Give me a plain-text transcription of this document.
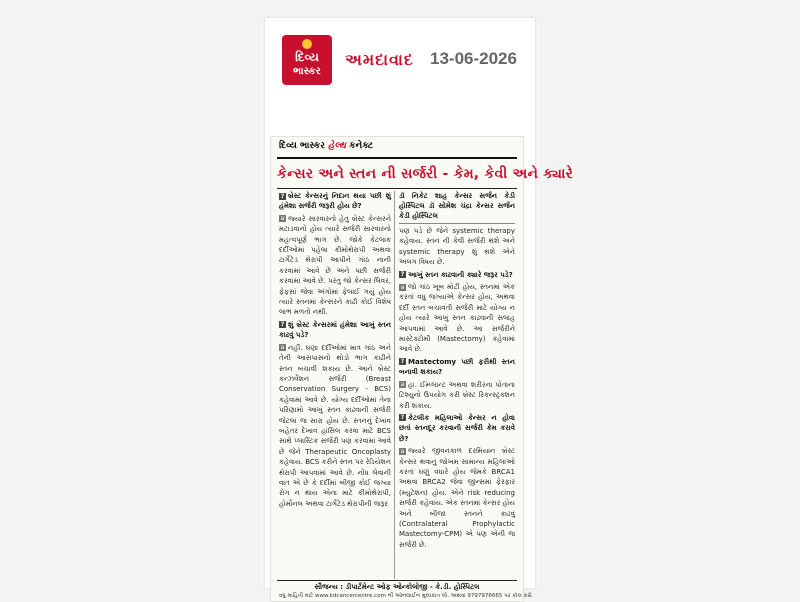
દિવ્ય
ભાસ્કર
અમદાવાદ 13-06-2026
દિવ્ય ભાસ્કર હેલ્થ કનેક્ટ
કેન્સર અને સ્તન ની સર્જરી - કેમ, કેવી અને ક્યારે
? બ્રેસ્ટ કેન્સરનું નિદાન થયા પછી શું હંમેશા સર્જરી જરૂરી હોય છે?
a જ્યારે સારવારનો હેતુ બ્રેસ્ટ કેન્સરને મટાડવાનો હોય ત્યારે સર્જરી સારવારનો મહત્વપૂર્ણ ભાગ છે. જોકે કેટલાક દર્દીઓમાં પહેલા કીમોથેરાપી અથવા ટાર્ગેટેડ થેરાપી આપીને ગાંઠ નાની કરવામાં આવે છે અને પછી સર્જરી કરવામાં આવે છે. પરંતુ જો કેન્સર લિવર, ફેફસાં જેવા અંગોમાં ફેલાઈ ગયું હોય ત્યારે સ્તનમાં કેન્સરને કાઢી કોઈ વિશેષ લાભ મળતો નથી.
? શું બ્રેસ્ટ કેન્સરમાં હંમેશા આખું સ્તન કાઢવું પડે?
a નહીં. ઘણા દર્દીઓમાં માત્ર ગાંઠ અને તેની આસપાસનો થોડો ભાગ કાઢીને સ્તન બચાવી શકાય છે. આને બ્રેસ્ટ કન્ઝર્વેશન સર્જરી (Breast Conservation Surgery - BCS) કહેવામાં આવે છે. યોગ્ય દર્દીઓમાં તેના પરિણામો આખું સ્તન કાઢવાની સર્જરી જેટલા જ સારા હોય છે. સ્તનનું દેખાવ બહેતર દેખાવ હાંસિલ કરવા માટે BCS સાથે પ્લાસ્ટિક સર્જરી પણ કરવામાં આવે છે જેને Therapeutic Oncoplasty કહેવાય. BCS કરીને સ્તન પર રેડિયેશન થેરાપી આપવામાં આવે છે. નોંધ લેવાની વાત એ છે કે દર્દીમાં બીજી કોઈ જગ્યા રોગ ન થાય એના માટે કીમોથેરાપી, હોર્મોનલ અથવા ટાર્ગેટેડ થેરાપીની જરૂર
ડૉ નિકેટ શાહ કેન્સર સર્જન કેડી હોસ્પિટલ ડૉ સોમેશ ચંદ્રા કેન્સર સર્જન કેડી હોસ્પિટલ
પણ પડે છે જેને systemic therapy કહેવાય. સ્તન ની કેવી સર્જરી થશે અને systemic therapy શું થશે એને અલગ વિષય છે.
? આખું સ્તન કાઢવાની ક્યારે જરૂર પડે?
a જો ગાંઠ ખૂબ મોટી હોય, સ્તનમાં એક કરતાં વધુ જગ્યાએ કેન્સર હોય, અથવા દર્દી સ્તન બચાવતી સર્જરી માટે યોગ્ય ન હોય ત્યારે આખું સ્તન કાઢવાની સલાહ આપવામાં આવે છે. આ સર્જરીને માસ્ટેક્ટોમી (Mastectomy) કહેવામાં આવે છે.
? Mastectomy પછી ફરીથી સ્તન બનાવી શકાય?
a હા. ઈમ્પ્લાન્ટ અથવા શરીરના પોતાના ટિશ્યુનો ઉપયોગ કરી બ્રેસ્ટ રિકન્સ્ટ્રક્શન કરી શકાય.
? કેટલીક મહિલાઓ કેન્સર ન હોવા છતાં સ્તનદૂર કરવાની સર્જરી કેમ કરાવે છે?
a જ્યારે જીવનકાળ દરમિયાન બ્રેસ્ટ કેન્સર થવાનું જોખમ સામાન્ય મહિલાઓ કરતાં ઘણું વધારે હોય જેમકે BRCA1 અથવા BRCA2 જેવા જીન્સમાં ફેરફાર (મ્યુટેશન) હોય. એને risk reducing સર્જરી કહેવાય. એક સ્તનમાં કેન્સર હોય અને બીજા સ્તનને કાઢવું (Contralateral Prophylactic Mastectomy-CPM) એ પણ એની જ સર્જરી છે.
સૌજન્ય : ડીપાર્ટમેન્ટ ઓફ ઓન્કોલોજી - કે.ડી. હોસ્પિટલ
વધુ માહિતી માટે www.kdcancercentre.com ની ઓનલાઈન મુલાકાત લો. અથવા 9797976665 પર કૉલ કરો.
